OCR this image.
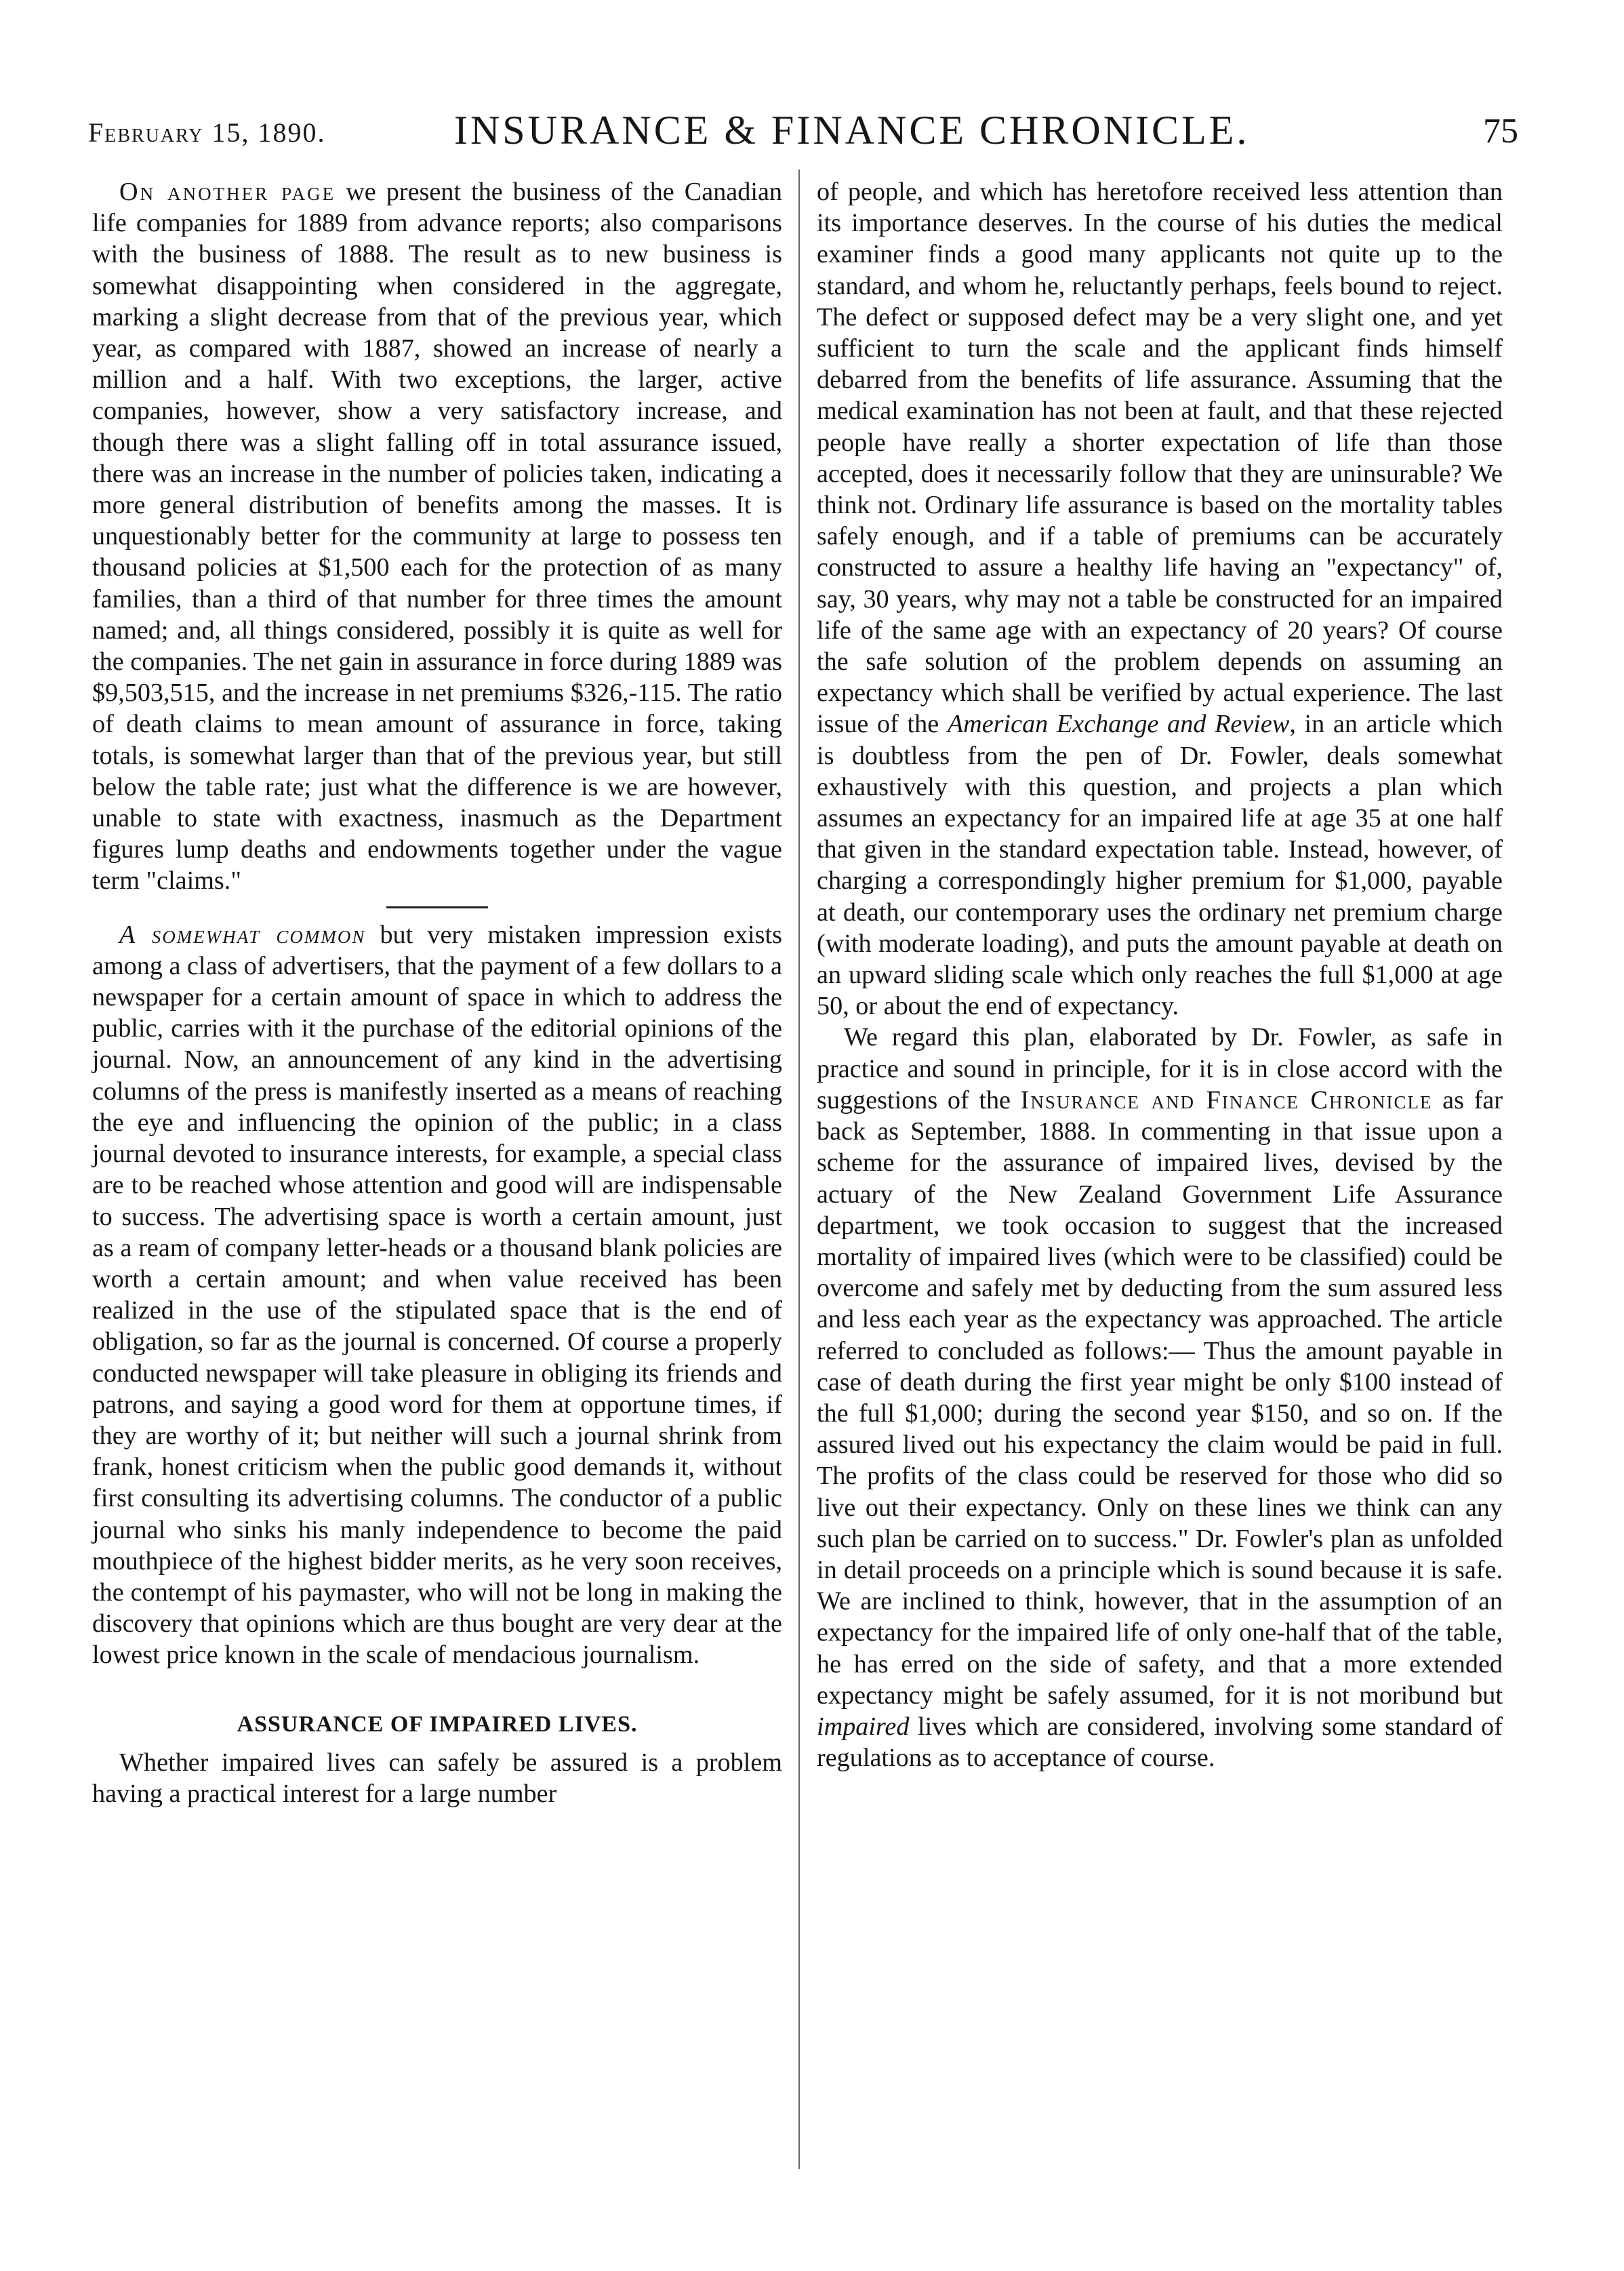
February 15, 1890.	INSURANCE & FINANCE CHRONICLE.	75

On another page we present the business of the Canadian life companies for 1889 from advance reports; also comparisons with the business of 1888. The result as to new business is somewhat disappointing when considered in the aggregate, marking a slight decrease from that of the previous year, which year, as compared with 1887, showed an increase of nearly a million and a half. With two exceptions, the larger, active companies, however, show a very satisfactory increase, and though there was a slight falling off in total assurance issued, there was an increase in the number of policies taken, indicating a more general distribution of benefits among the masses. It is unquestionably better for the community at large to possess ten thousand policies at $1,500 each for the protection of as many families, than a third of that number for three times the amount named; and, all things considered, possibly it is quite as well for the companies. The net gain in assurance in force during 1889 was $9,503,515, and the increase in net premiums $326,-115. The ratio of death claims to mean amount of assurance in force, taking totals, is somewhat larger than that of the previous year, but still below the table rate; just what the difference is we are however, unable to state with exactness, inasmuch as the Department figures lump deaths and endowments together under the vague term "claims."

A somewhat common but very mistaken impression exists among a class of advertisers, that the payment of a few dollars to a newspaper for a certain amount of space in which to address the public, carries with it the purchase of the editorial opinions of the journal. Now, an announcement of any kind in the advertising columns of the press is manifestly inserted as a means of reaching the eye and influencing the opinion of the public; in a class journal devoted to insurance interests, for example, a special class are to be reached whose attention and good will are indispensable to success. The advertising space is worth a certain amount, just as a ream of company letter-heads or a thousand blank policies are worth a certain amount; and when value received has been realized in the use of the stipulated space that is the end of obligation, so far as the journal is concerned. Of course a properly conducted newspaper will take pleasure in obliging its friends and patrons, and saying a good word for them at opportune times, if they are worthy of it; but neither will such a journal shrink from frank, honest criticism when the public good demands it, without first consulting its advertising columns. The conductor of a public journal who sinks his manly independence to become the paid mouthpiece of the highest bidder merits, as he very soon receives, the contempt of his paymaster, who will not be long in making the discovery that opinions which are thus bought are very dear at the lowest price known in the scale of mendacious journalism.

ASSURANCE OF IMPAIRED LIVES.

Whether impaired lives can safely be assured is a problem having a practical interest for a large number

of people, and which has heretofore received less attention than its importance deserves. In the course of his duties the medical examiner finds a good many applicants not quite up to the standard, and whom he, reluctantly perhaps, feels bound to reject. The defect or supposed defect may be a very slight one, and yet sufficient to turn the scale and the applicant finds himself debarred from the benefits of life assurance. Assuming that the medical examination has not been at fault, and that these rejected people have really a shorter expectation of life than those accepted, does it necessarily follow that they are uninsurable? We think not. Ordinary life assurance is based on the mortality tables safely enough, and if a table of premiums can be accurately constructed to assure a healthy life having an "expectancy" of, say, 30 years, why may not a table be constructed for an impaired life of the same age with an expectancy of 20 years? Of course the safe solution of the problem depends on assuming an expectancy which shall be verified by actual experience. The last issue of the American Exchange and Review, in an article which is doubtless from the pen of Dr. Fowler, deals somewhat exhaustively with this question, and projects a plan which assumes an expectancy for an impaired life at age 35 at one half that given in the standard expectation table. Instead, however, of charging a correspondingly higher premium for $1,000, payable at death, our contemporary uses the ordinary net premium charge (with moderate loading), and puts the amount payable at death on an upward sliding scale which only reaches the full $1,000 at age 50, or about the end of expectancy.

We regard this plan, elaborated by Dr. Fowler, as safe in practice and sound in principle, for it is in close accord with the suggestions of the Insurance and Finance Chronicle as far back as September, 1888. In commenting in that issue upon a scheme for the assurance of impaired lives, devised by the actuary of the New Zealand Government Life Assurance department, we took occasion to suggest that the increased mortality of impaired lives (which were to be classified) could be overcome and safely met by deducting from the sum assured less and less each year as the expectancy was approached. The article referred to concluded as follows:— Thus the amount payable in case of death during the first year might be only $100 instead of the full $1,000; during the second year $150, and so on. If the assured lived out his expectancy the claim would be paid in full. The profits of the class could be reserved for those who did so live out their expectancy. Only on these lines we think can any such plan be carried on to success." Dr. Fowler's plan as unfolded in detail proceeds on a principle which is sound because it is safe. We are inclined to think, however, that in the assumption of an expectancy for the impaired life of only one-half that of the table, he has erred on the side of safety, and that a more extended expectancy might be safely assumed, for it is not moribund but impaired lives which are considered, involving some standard of regulations as to acceptance of course.
